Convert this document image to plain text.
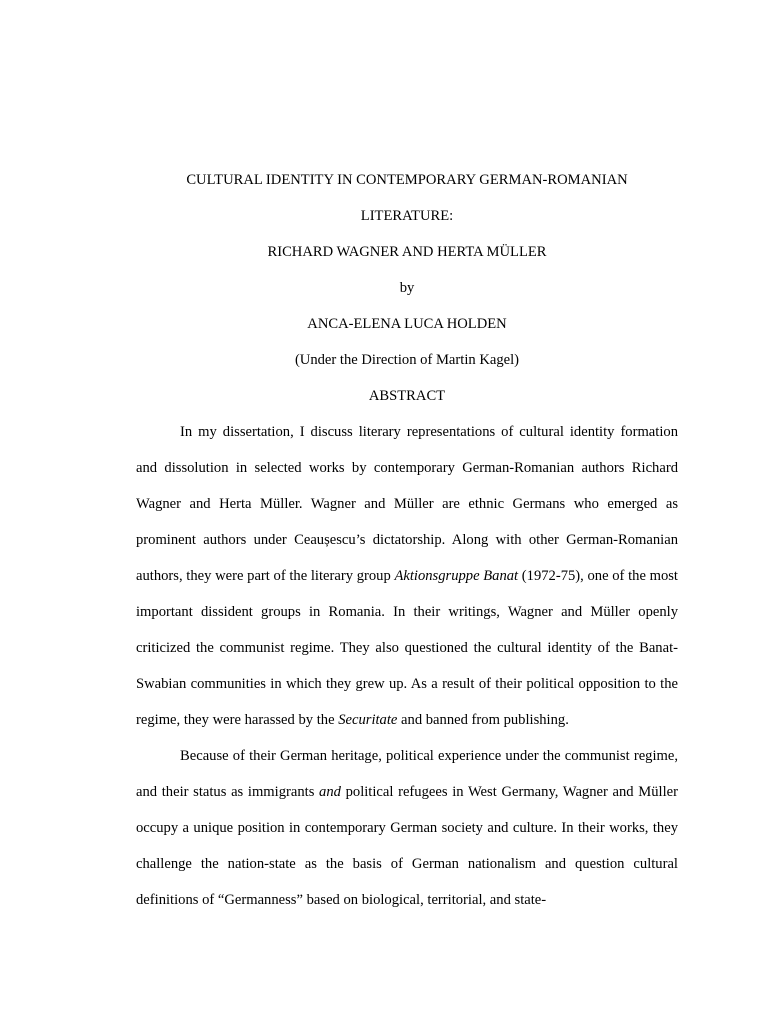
CULTURAL IDENTITY IN CONTEMPORARY GERMAN-ROMANIAN

LITERATURE:

RICHARD WAGNER AND HERTA MÜLLER

by

ANCA-ELENA LUCA HOLDEN

(Under the Direction of Martin Kagel)

ABSTRACT

In my dissertation, I discuss literary representations of cultural identity formation and dissolution in selected works by contemporary German-Romanian authors Richard Wagner and Herta Müller. Wagner and Müller are ethnic Germans who emerged as prominent authors under Ceaușescu’s dictatorship. Along with other German-Romanian authors, they were part of the literary group Aktionsgruppe Banat (1972-75), one of the most important dissident groups in Romania. In their writings, Wagner and Müller openly criticized the communist regime. They also questioned the cultural identity of the Banat-Swabian communities in which they grew up. As a result of their political opposition to the regime, they were harassed by the Securitate and banned from publishing.

Because of their German heritage, political experience under the communist regime, and their status as immigrants and political refugees in West Germany, Wagner and Müller occupy a unique position in contemporary German society and culture. In their works, they challenge the nation-state as the basis of German nationalism and question cultural definitions of “Germanness” based on biological, territorial, and state-
